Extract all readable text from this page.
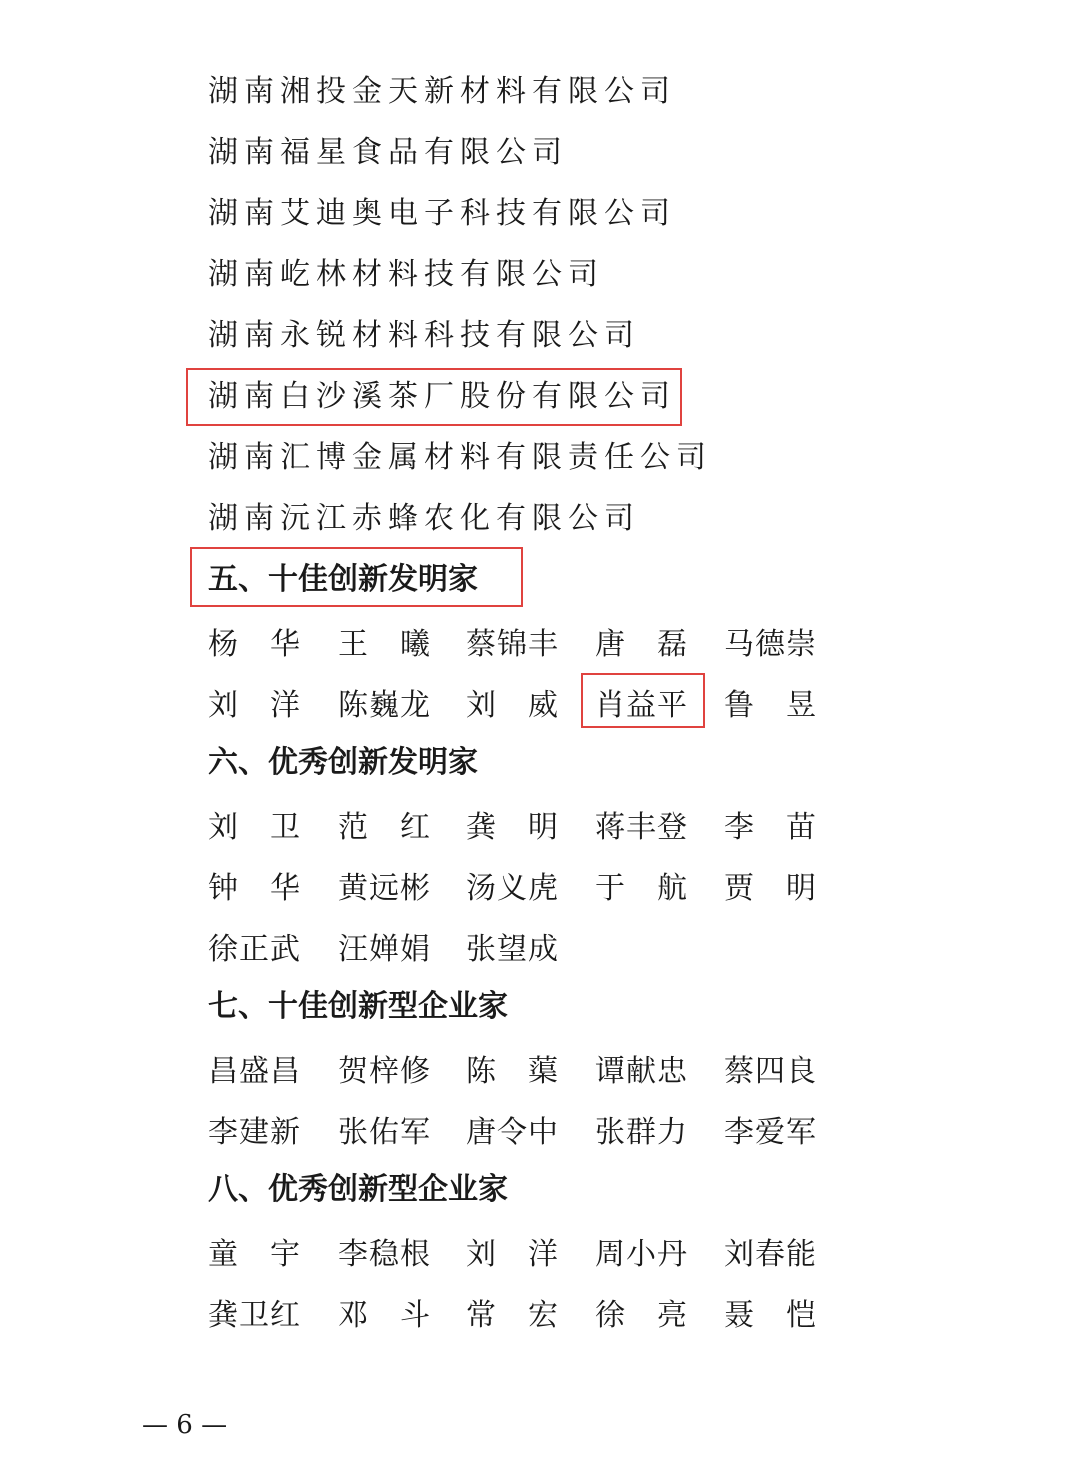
湖南湘投金天新材料有限公司
湖南福星食品有限公司
湖南艾迪奥电子科技有限公司
湖南屹林材料技有限公司
湖南永锐材料科技有限公司
湖南白沙溪茶厂股份有限公司
湖南汇博金属材料有限责任公司
湖南沅江赤蜂农化有限公司
五、十佳创新发明家
杨 华 王 曦 蔡 锦 丰 唐 磊 马 德 崇
刘 洋 陈 巍 龙 刘 威 肖 益 平 鲁 昱
六、优秀创新发明家
刘 卫 范 红 龚 明 蒋 丰 登 李 苗
钟 华 黄 远 彬 汤 义 虎 于 航 贾 明
徐 正 武 汪 婵 娟 张 望 成
七、十佳创新型企业家
昌 盛 昌 贺 梓 修 陈 蕖 谭 献 忠 蔡 四 良
李 建 新 张 佑 军 唐 令 中 张 群 力 李 爱 军
八、优秀创新型企业家
童 宇 李 稳 根 刘 洋 周 小 丹 刘 春 能
龚 卫 红 邓 斗 常 宏 徐 亮 聂 恺
— 6 —
